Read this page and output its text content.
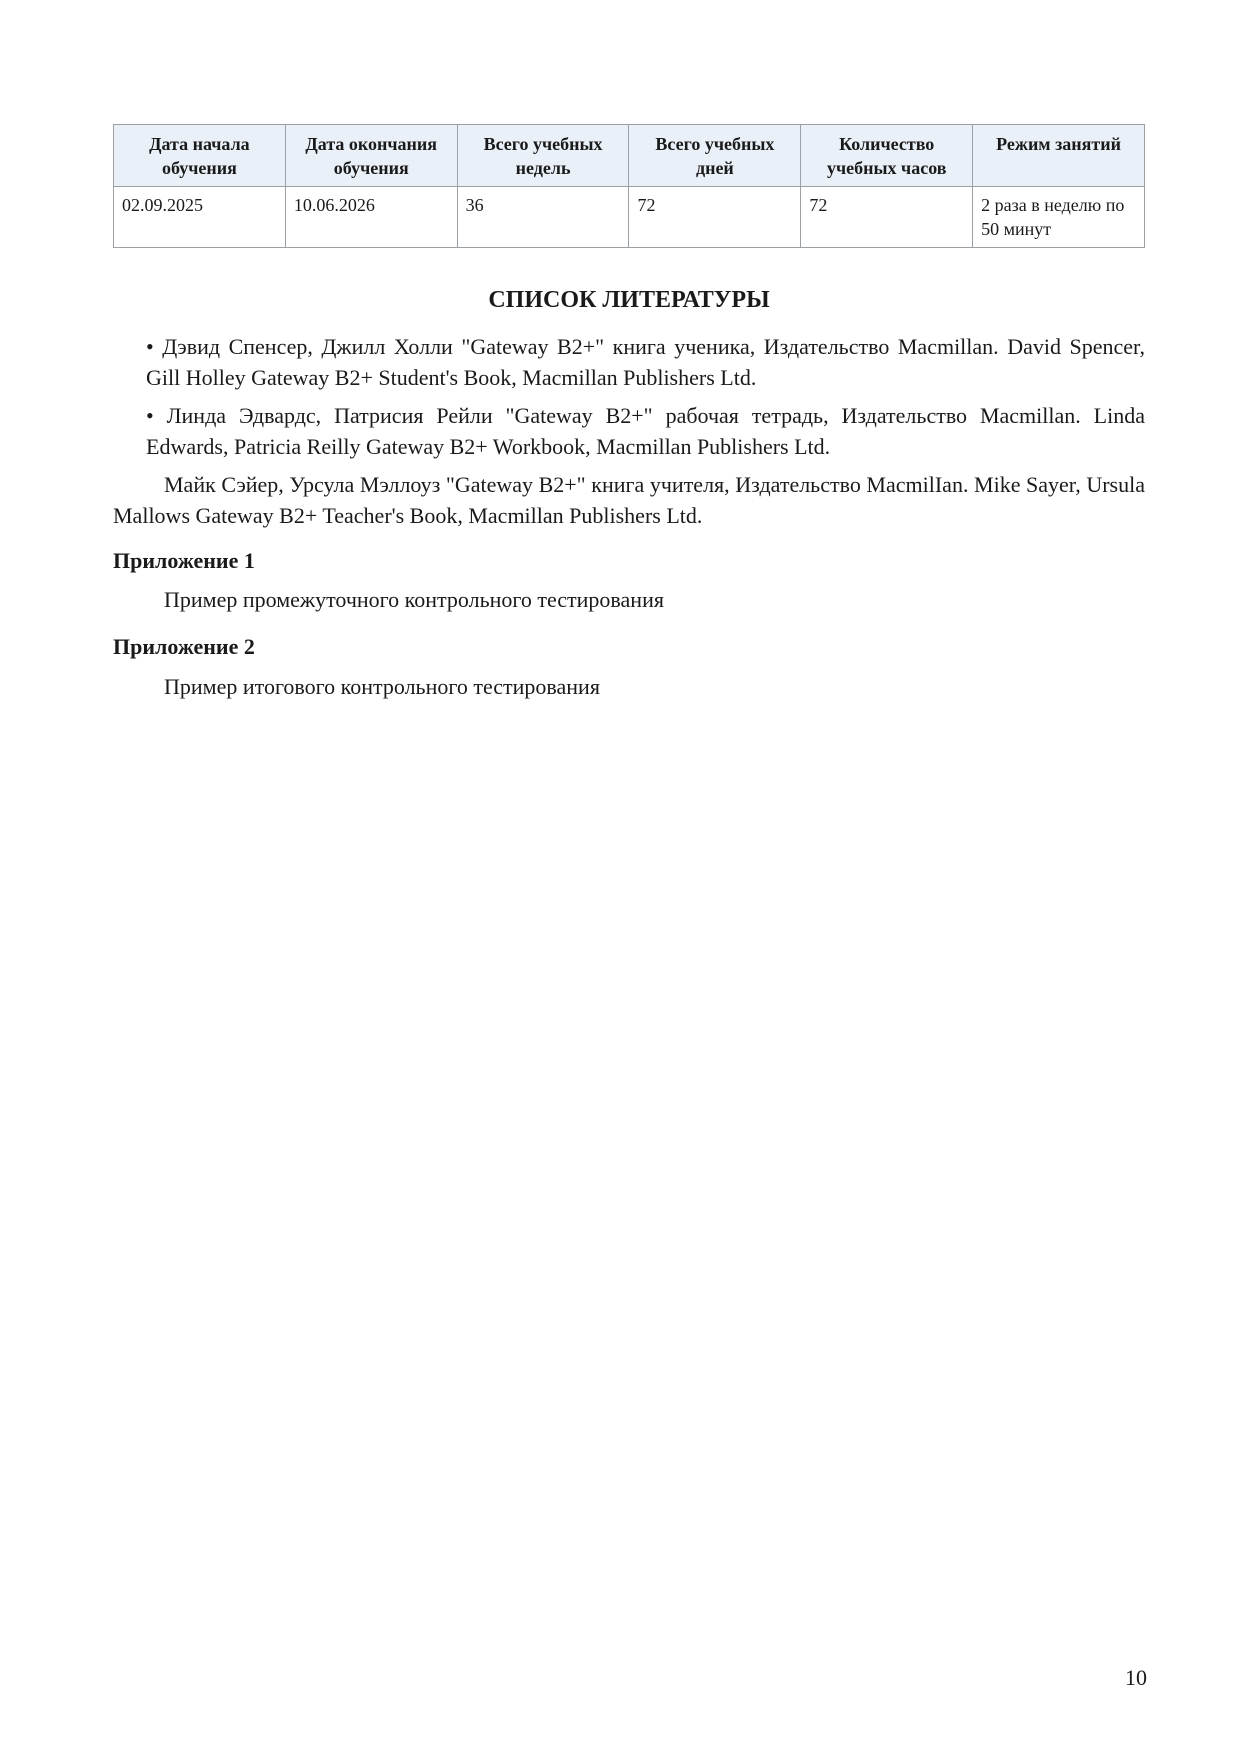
Дата начала обучения	Дата окончания обучения	Всего учебных недель	Всего учебных дней	Количество учебных часов	Режим занятий
02.09.2025	10.06.2026	36	72	72	2 раза в неделю по 50 минут
СПИСОК ЛИТЕРАТУРЫ

• Дэвид Спенсер, Джилл Холли "Gateway B2+" книга ученика, Издательство Macmillan. David Spencer, Gill Holley Gateway B2+ Student's Book, Macmillan Publishers Ltd.

• Линда Эдвардс, Патрисия Рейли "Gateway B2+" рабочая тетрадь, Издательство Macmillan. Linda Edwards, Patricia Reilly Gateway B2+ Workbook, Macmillan Publishers Ltd.

Майк Сэйер, Урсула Мэллоуз "Gateway B2+" книга учителя, Издательство MacmilIan. Mike Sayer, Ursula Mallows Gateway B2+ Teacher's Book, Macmillan Publishers Ltd.

Приложение 1

Пример промежуточного контрольного тестирования

Приложение 2

Пример итогового контрольного тестирования

10
